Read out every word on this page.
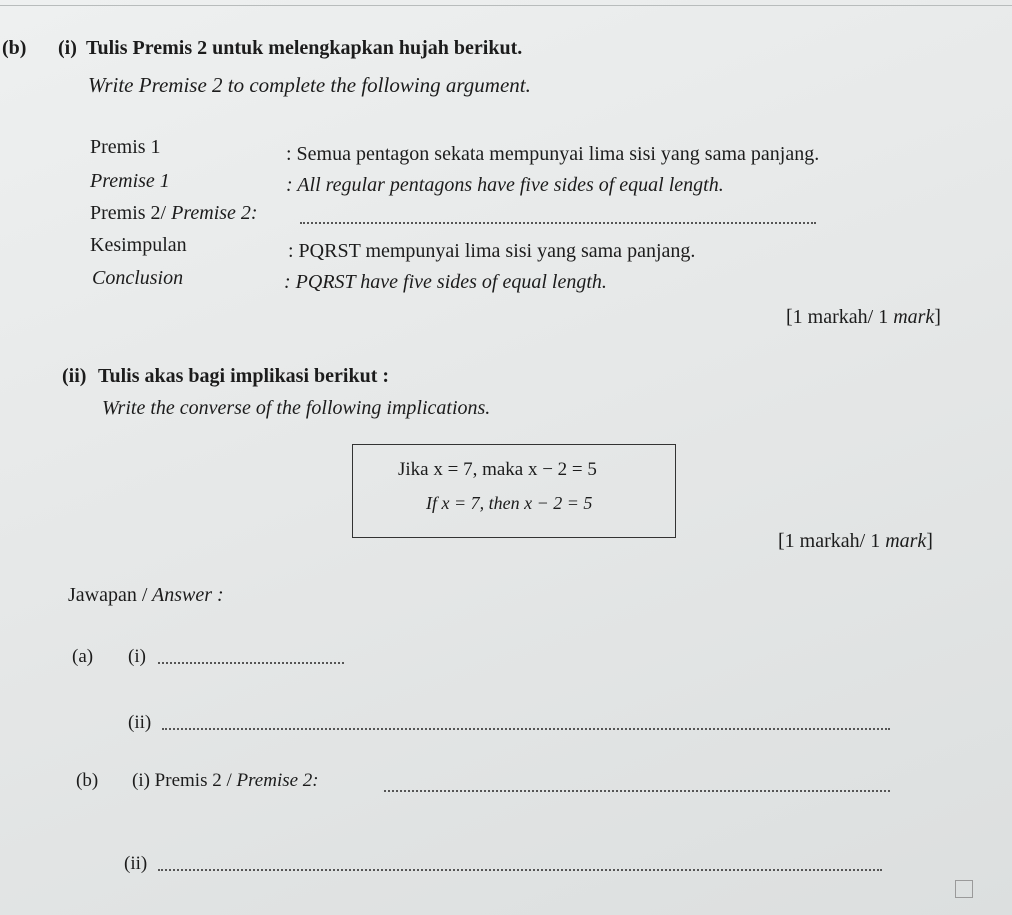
(b) (i) Tulis Premis 2 untuk melengkapkan hujah berikut.
Write Premise 2 to complete the following argument.
Premis 1	: Semua pentagon sekata mempunyai lima sisi yang sama panjang.
Premise 1	: All regular pentagons have five sides of equal length.
Premis 2/ Premise 2:
Kesimpulan	: PQRST mempunyai lima sisi yang sama panjang.
Conclusion	: PQRST have five sides of equal length.
[1 markah/ 1 mark]
(ii) Tulis akas bagi implikasi berikut :
Write the converse of the following implications.
Jika x = 7, maka x − 2 = 5
If x = 7, then x − 2 = 5
[1 markah/ 1 mark]
Jawapan / Answer :
(a) (i)
(ii)
(b) (i) Premis 2 / Premise 2:
(ii)
